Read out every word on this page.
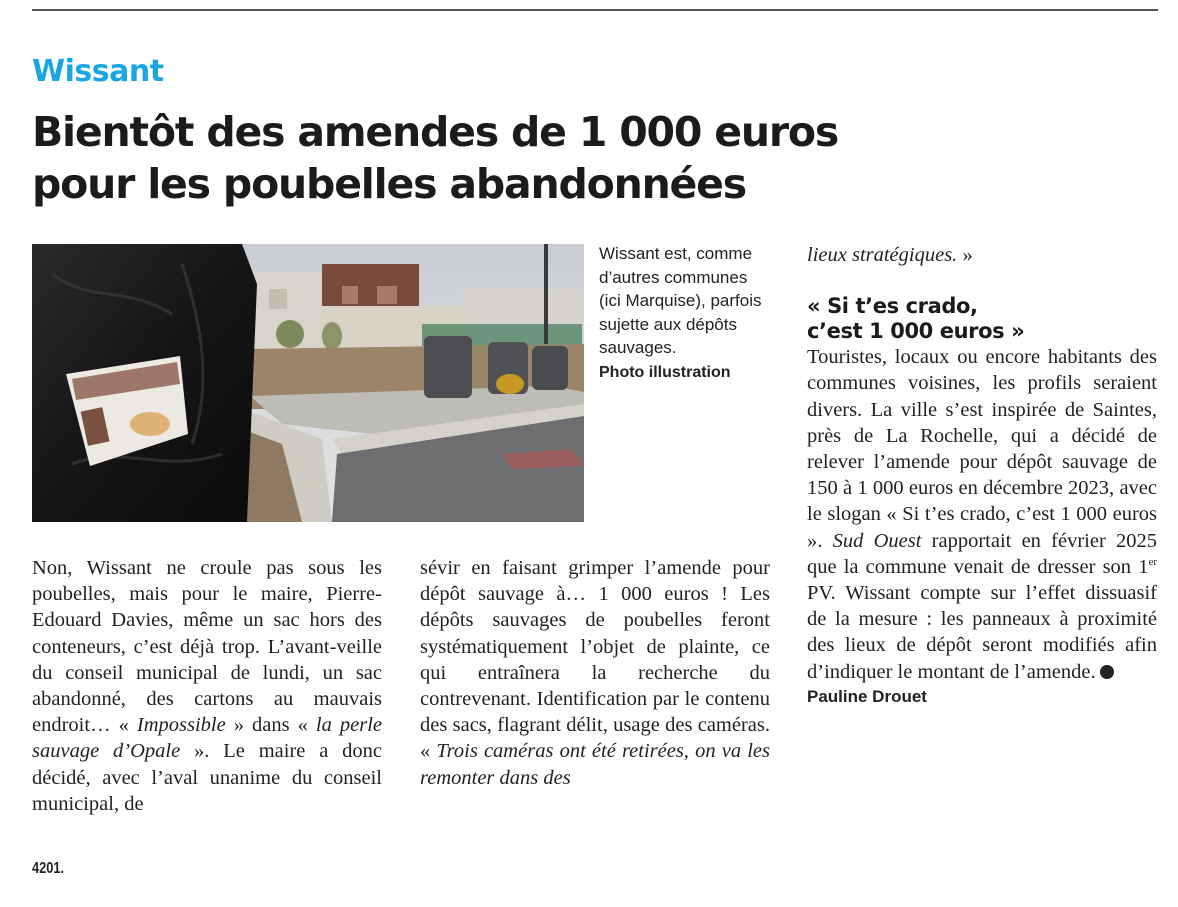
Wissant
Bientôt des amendes de 1 000 euros
pour les poubelles abandonnées
Wissant est, comme d’autres communes (ici Marquise), parfois sujette aux dépôts sauvages.
Photo illustration

Non, Wissant ne croule pas sous les poubelles, mais pour le maire, Pierre-Edouard Davies, même un sac hors des conteneurs, c’est déjà trop. L’avant-veille du conseil municipal de lundi, un sac abandonné, des cartons au mauvais endroit… « Impossible » dans « la perle sauvage d’Opale ». Le maire a donc décidé, avec l’aval unanime du conseil municipal, de

sévir en faisant grimper l’amende pour dépôt sauvage à… 1 000 euros ! Les dépôts sauvages de poubelles feront systématiquement l’objet de plainte, ce qui entraînera la recherche du contrevenant. Identification par le contenu des sacs, flagrant délit, usage des caméras. « Trois caméras ont été retirées, on va les remonter dans des

lieux stratégiques. »

« Si t’es crado,
c’est 1 000 euros »

Touristes, locaux ou encore habitants des communes voisines, les profils seraient divers. La ville s’est inspirée de Saintes, près de La Rochelle, qui a décidé de relever l’amende pour dépôt sauvage de 150 à 1 000 euros en décembre 2023, avec le slogan « Si t’es crado, c’est 1 000 euros ». Sud Ouest rapportait en février 2025 que la commune venait de dresser son 1er PV. Wissant compte sur l’effet dissuasif de la mesure : les panneaux à proximité des lieux de dépôt seront modifiés afin d’indiquer le montant de l’amende.

Pauline Drouet

4201.
